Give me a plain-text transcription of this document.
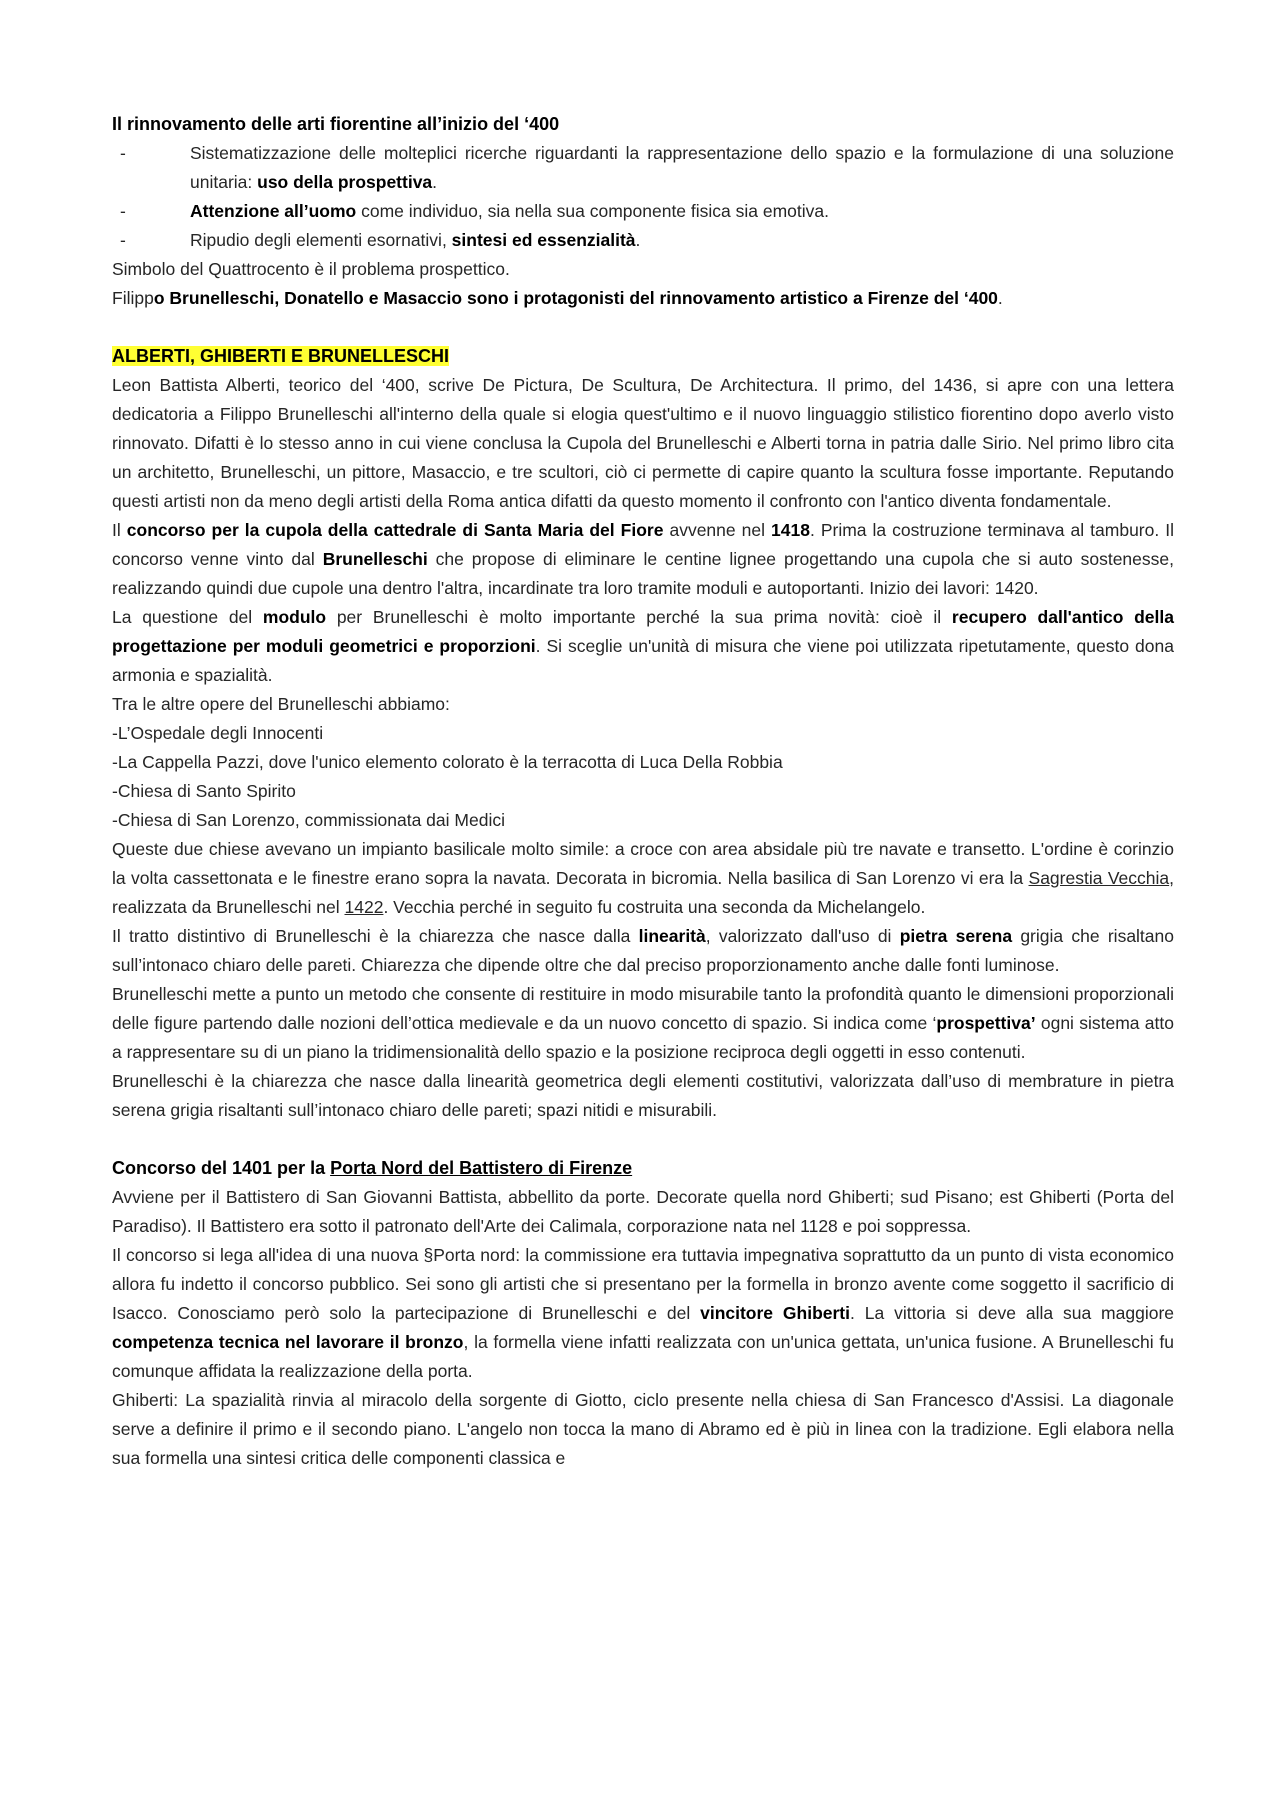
Il rinnovamento delle arti fiorentine all’inizio del ‘400

- Sistematizzazione delle molteplici ricerche riguardanti la rappresentazione dello spazio e la formulazione di una soluzione unitaria: uso della prospettiva.
- Attenzione all’uomo come individuo, sia nella sua componente fisica sia emotiva.
- Ripudio degli elementi esornativi, sintesi ed essenzialità.

Simbolo del Quattrocento è il problema prospettico.

Filippo Brunelleschi, Donatello e Masaccio sono i protagonisti del rinnovamento artistico a Firenze del ‘400.

ALBERTI, GHIBERTI E BRUNELLESCHI

Leon Battista Alberti, teorico del ‘400, scrive De Pictura, De Scultura, De Architectura. Il primo, del 1436, si apre con una lettera dedicatoria a Filippo Brunelleschi all'interno della quale si elogia quest'ultimo e il nuovo linguaggio stilistico fiorentino dopo averlo visto rinnovato. Difatti è lo stesso anno in cui viene conclusa la Cupola del Brunelleschi e Alberti torna in patria dalle Sirio. Nel primo libro cita un architetto, Brunelleschi, un pittore, Masaccio, e tre scultori, ciò ci permette di capire quanto la scultura fosse importante. Reputando questi artisti non da meno degli artisti della Roma antica difatti da questo momento il confronto con l'antico diventa fondamentale.

Il concorso per la cupola della cattedrale di Santa Maria del Fiore avvenne nel 1418. Prima la costruzione terminava al tamburo. Il concorso venne vinto dal Brunelleschi che propose di eliminare le centine lignee progettando una cupola che si auto sostenesse, realizzando quindi due cupole una dentro l'altra, incardinate tra loro tramite moduli e autoportanti. Inizio dei lavori: 1420.

La questione del modulo per Brunelleschi è molto importante perché la sua prima novità: cioè il recupero dall'antico della progettazione per moduli geometrici e proporzioni. Si sceglie un'unità di misura che viene poi utilizzata ripetutamente, questo dona armonia e spazialità.

Tra le altre opere del Brunelleschi abbiamo:

-L’Ospedale degli Innocenti

-La Cappella Pazzi, dove l'unico elemento colorato è la terracotta di Luca Della Robbia

-Chiesa di Santo Spirito

-Chiesa di San Lorenzo, commissionata dai Medici

Queste due chiese avevano un impianto basilicale molto simile: a croce con area absidale più tre navate e transetto. L'ordine è corinzio la volta cassettonata e le finestre erano sopra la navata. Decorata in bicromia. Nella basilica di San Lorenzo vi era la Sagrestia Vecchia, realizzata da Brunelleschi nel 1422. Vecchia perché in seguito fu costruita una seconda da Michelangelo.

Il tratto distintivo di Brunelleschi è la chiarezza che nasce dalla linearità, valorizzato dall'uso di pietra serena grigia che risaltano sull’intonaco chiaro delle pareti. Chiarezza che dipende oltre che dal preciso proporzionamento anche dalle fonti luminose.

Brunelleschi mette a punto un metodo che consente di restituire in modo misurabile tanto la profondità quanto le dimensioni proporzionali delle figure partendo dalle nozioni dell’ottica medievale e da un nuovo concetto di spazio. Si indica come ‘prospettiva’ ogni sistema atto a rappresentare su di un piano la tridimensionalità dello spazio e la posizione reciproca degli oggetti in esso contenuti.

Brunelleschi è la chiarezza che nasce dalla linearità geometrica degli elementi costitutivi, valorizzata dall’uso di membrature in pietra serena grigia risaltanti sull’intonaco chiaro delle pareti; spazi nitidi e misurabili.

Concorso del 1401 per la Porta Nord del Battistero di Firenze

Avviene per il Battistero di San Giovanni Battista, abbellito da porte. Decorate quella nord Ghiberti; sud Pisano; est Ghiberti (Porta del Paradiso). Il Battistero era sotto il patronato dell'Arte dei Calimala, corporazione nata nel 1128 e poi soppressa.

Il concorso si lega all'idea di una nuova §Porta nord: la commissione era tuttavia impegnativa soprattutto da un punto di vista economico allora fu indetto il concorso pubblico. Sei sono gli artisti che si presentano per la formella in bronzo avente come soggetto il sacrificio di Isacco. Conosciamo però solo la partecipazione di Brunelleschi e del vincitore Ghiberti. La vittoria si deve alla sua maggiore competenza tecnica nel lavorare il bronzo, la formella viene infatti realizzata con un'unica gettata, un'unica fusione. A Brunelleschi fu comunque affidata la realizzazione della porta.

Ghiberti: La spazialità rinvia al miracolo della sorgente di Giotto, ciclo presente nella chiesa di San Francesco d'Assisi. La diagonale serve a definire il primo e il secondo piano. L'angelo non tocca la mano di Abramo ed è più in linea con la tradizione. Egli elabora nella sua formella una sintesi critica delle componenti classica e
